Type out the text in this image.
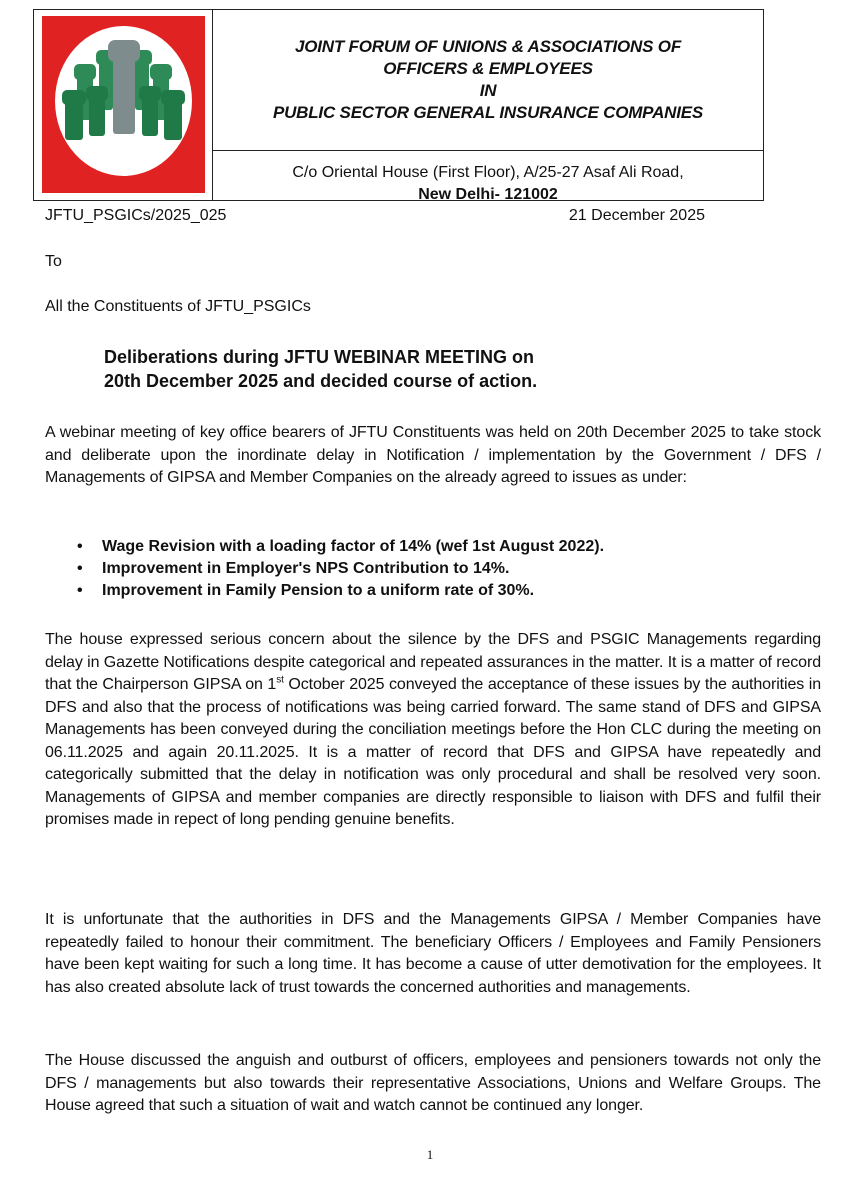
JFTU_PSGICs
JOINT FORUM OF UNIONS & ASSOCIATIONS OF
OFFICERS & EMPLOYEES
IN
PUBLIC SECTOR GENERAL INSURANCE COMPANIES
C/o Oriental House (First Floor), A/25-27 Asaf Ali Road,
New Delhi- 121002
JFTU_PSGICs/2025_025	21 December 2025
To
All the Constituents of JFTU_PSGICs
Deliberations during JFTU WEBINAR MEETING on
20th December 2025 and decided course of action.

A webinar meeting of key office bearers of JFTU Constituents was held on 20th December 2025 to take stock and deliberate upon the inordinate delay in Notification / implementation by the Government / DFS / Managements of GIPSA and Member Companies on the already agreed to issues as under:

• Wage Revision with a loading factor of 14% (wef 1st August 2022).
• Improvement in Employer's NPS Contribution to 14%.
• Improvement in Family Pension to a uniform rate of 30%.

The house expressed serious concern about the silence by the DFS and PSGIC Managements regarding delay in Gazette Notifications despite categorical and repeated assurances in the matter. It is a matter of record that the Chairperson GIPSA on 1st October 2025 conveyed the acceptance of these issues by the authorities in DFS and also that the process of notifications was being carried forward. The same stand of DFS and GIPSA Managements has been conveyed during the conciliation meetings before the Hon CLC during the meeting on 06.11.2025 and again 20.11.2025. It is a matter of record that DFS and GIPSA have repeatedly and categorically submitted that the delay in notification was only procedural and shall be resolved very soon. Managements of GIPSA and member companies are directly responsible to liaison with DFS and fulfil their promises made in repect of long pending genuine benefits.

It is unfortunate that the authorities in DFS and the Managements GIPSA / Member Companies have repeatedly failed to honour their commitment. The beneficiary Officers / Employees and Family Pensioners have been kept waiting for such a long time. It has become a cause of utter demotivation for the employees. It has also created absolute lack of trust towards the concerned authorities and managements.

The House discussed the anguish and outburst of officers, employees and pensioners towards not only the DFS / managements but also towards their representative Associations, Unions and Welfare Groups. The House agreed that such a situation of wait and watch cannot be continued any longer.

1
